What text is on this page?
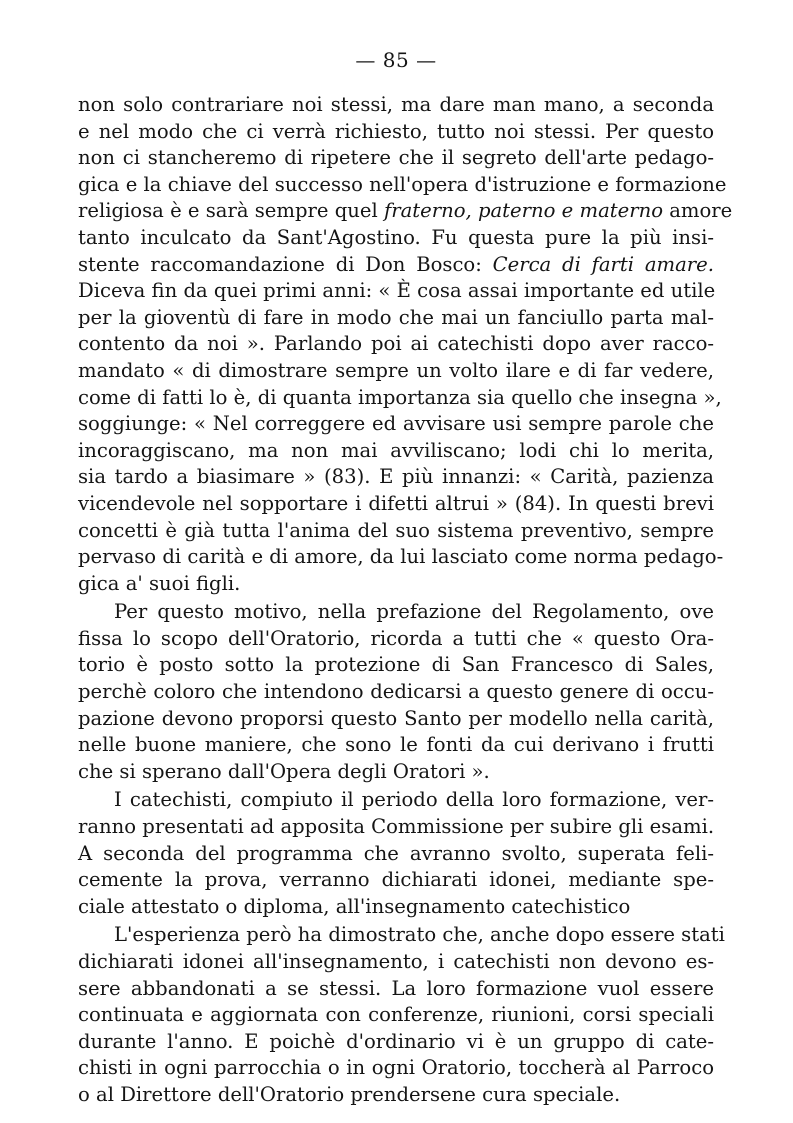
— 85 —
non solo contrariare noi stessi, ma dare man mano, a seconda
e nel modo che ci verrà richiesto, tutto noi stessi. Per questo
non ci stancheremo di ripetere che il segreto dell'arte pedago-
gica e la chiave del successo nell'opera d'istruzione e formazione
religiosa è e sarà sempre quel fraterno, paterno e materno amore
tanto inculcato da Sant'Agostino. Fu questa pure la più insi-
stente raccomandazione di Don Bosco: Cerca di farti amare.
Diceva fin da quei primi anni: « È cosa assai importante ed utile
per la gioventù di fare in modo che mai un fanciullo parta mal-
contento da noi ». Parlando poi ai catechisti dopo aver racco-
mandato « di dimostrare sempre un volto ilare e di far vedere,
come di fatti lo è, di quanta importanza sia quello che insegna »,
soggiunge: « Nel correggere ed avvisare usi sempre parole che
incoraggiscano, ma non mai avviliscano; lodi chi lo merita,
sia tardo a biasimare » (83). E più innanzi: « Carità, pazienza
vicendevole nel sopportare i difetti altrui » (84). In questi brevi
concetti è già tutta l'anima del suo sistema preventivo, sempre
pervaso di carità e di amore, da lui lasciato come norma pedago-
gica a' suoi figli.
Per questo motivo, nella prefazione del Regolamento, ove
fissa lo scopo dell'Oratorio, ricorda a tutti che « questo Ora-
torio è posto sotto la protezione di San Francesco di Sales,
perchè coloro che intendono dedicarsi a questo genere di occu-
pazione devono proporsi questo Santo per modello nella carità,
nelle buone maniere, che sono le fonti da cui derivano i frutti
che si sperano dall'Opera degli Oratori ».
I catechisti, compiuto il periodo della loro formazione, ver-
ranno presentati ad apposita Commissione per subire gli esami.
A seconda del programma che avranno svolto, superata feli-
cemente la prova, verranno dichiarati idonei, mediante spe-
ciale attestato o diploma, all'insegnamento catechistico
L'esperienza però ha dimostrato che, anche dopo essere stati
dichiarati idonei all'insegnamento, i catechisti non devono es-
sere abbandonati a se stessi. La loro formazione vuol essere
continuata e aggiornata con conferenze, riunioni, corsi speciali
durante l'anno. E poichè d'ordinario vi è un gruppo di cate-
chisti in ogni parrocchia o in ogni Oratorio, toccherà al Parroco
o al Direttore dell'Oratorio prendersene cura speciale.
